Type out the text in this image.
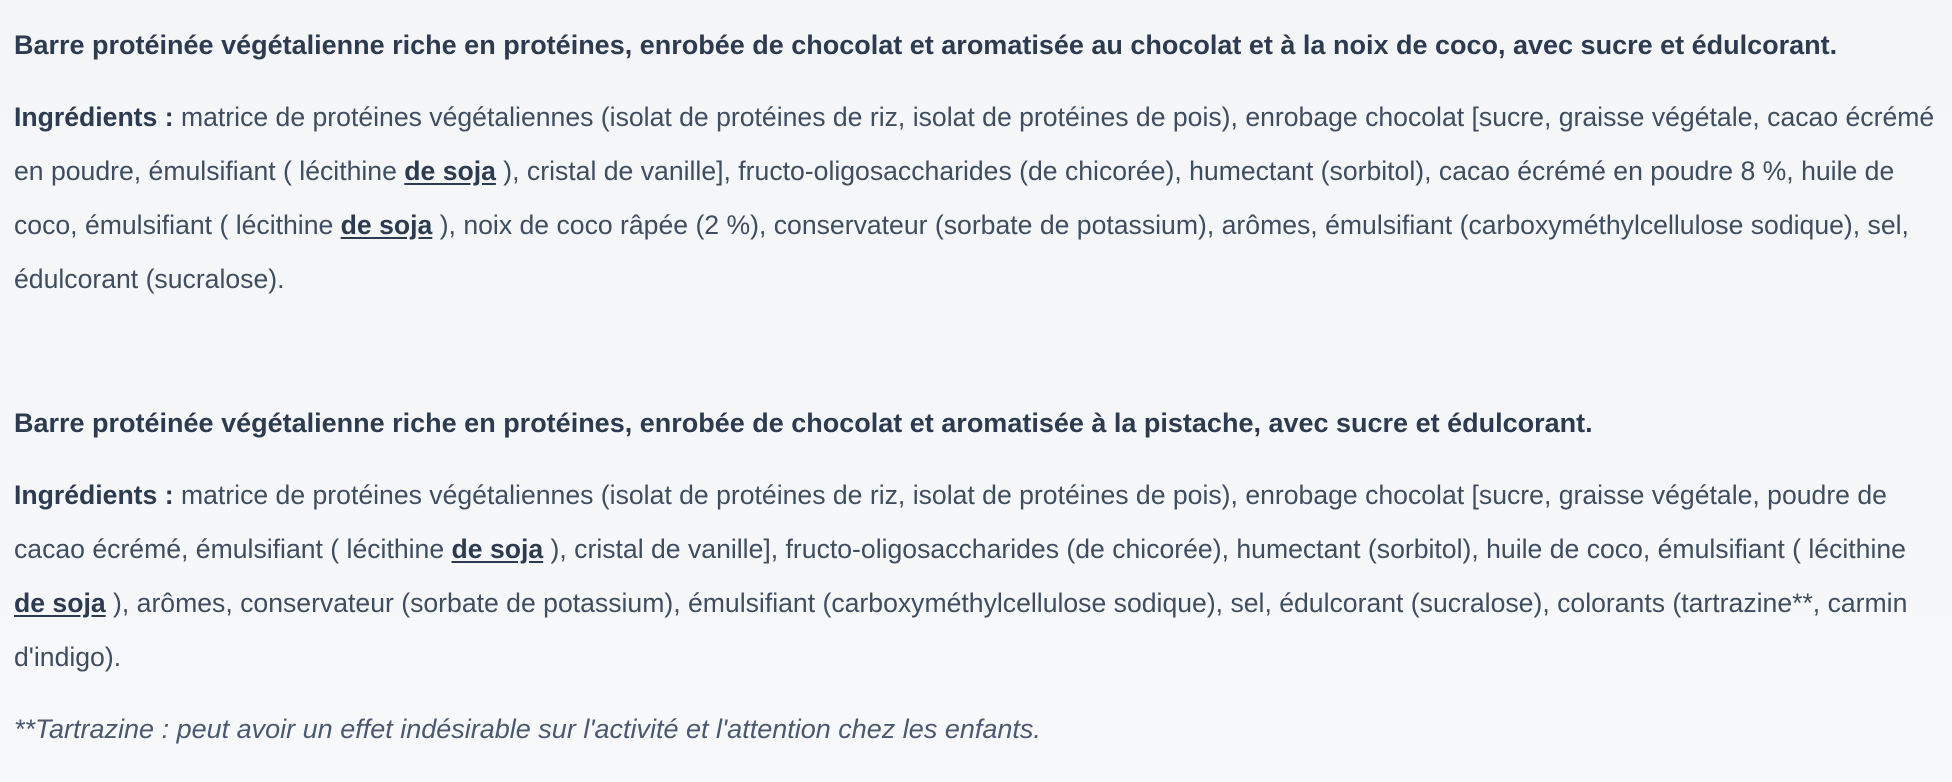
Barre protéinée végétalienne riche en protéines, enrobée de chocolat et aromatisée au chocolat et à la noix de coco, avec sucre et édulcorant.

Ingrédients : matrice de protéines végétaliennes (isolat de protéines de riz, isolat de protéines de pois), enrobage chocolat [sucre, graisse végétale, cacao écrémé en poudre, émulsifiant ( lécithine de soja ), cristal de vanille], fructo-oligosaccharides (de chicorée), humectant (sorbitol), cacao écrémé en poudre 8 %, huile de coco, émulsifiant ( lécithine de soja ), noix de coco râpée (2 %), conservateur (sorbate de potassium), arômes, émulsifiant (carboxyméthylcellulose sodique), sel, édulcorant (sucralose).

Barre protéinée végétalienne riche en protéines, enrobée de chocolat et aromatisée à la pistache, avec sucre et édulcorant.

Ingrédients : matrice de protéines végétaliennes (isolat de protéines de riz, isolat de protéines de pois), enrobage chocolat [sucre, graisse végétale, poudre de cacao écrémé, émulsifiant ( lécithine de soja ), cristal de vanille], fructo-oligosaccharides (de chicorée), humectant (sorbitol), huile de coco, émulsifiant ( lécithine de soja ), arômes, conservateur (sorbate de potassium), émulsifiant (carboxyméthylcellulose sodique), sel, édulcorant (sucralose), colorants (tartrazine**, carmin d'indigo).

**Tartrazine : peut avoir un effet indésirable sur l'activité et l'attention chez les enfants.
